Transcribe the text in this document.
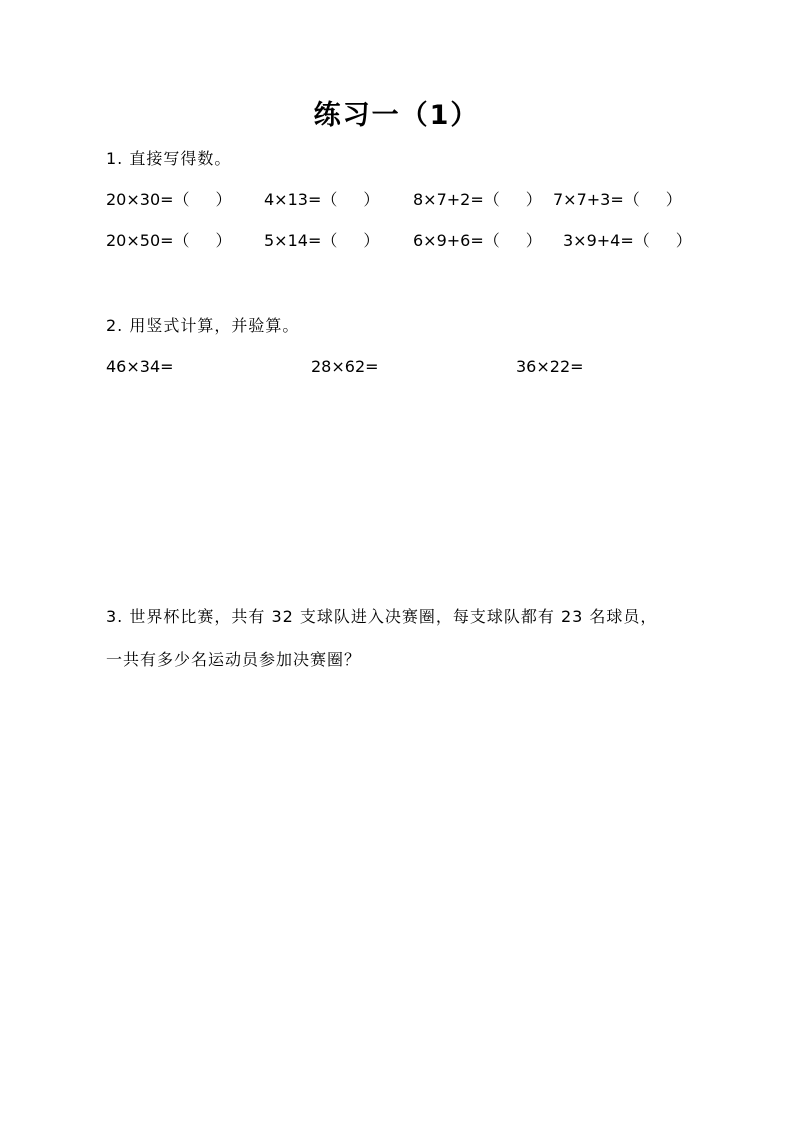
练习一（1）
1. 直接写得数。
20×30=（ ） 4×13=（ ） 8×7+2=（ ） 7×7+3=（ ）
20×50=（ ） 5×14=（ ） 6×9+6=（ ） 3×9+4=（ ）
2. 用竖式计算，并验算。
46×34=	28×62=	36×22=
3. 世界杯比赛，共有 32 支球队进入决赛圈，每支球队都有 23 名球员，
一共有多少名运动员参加决赛圈？
